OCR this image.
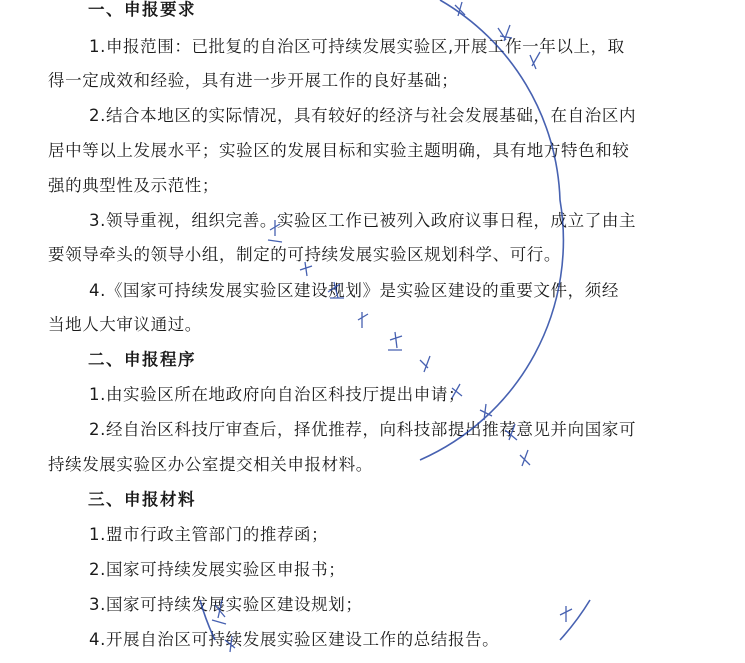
一、申报要求
1.申报范围：已批复的自治区可持续发展实验区,开展工作一年以上，取
得一定成效和经验，具有进一步开展工作的良好基础；
2.结合本地区的实际情况，具有较好的经济与社会发展基础，在自治区内
居中等以上发展水平；实验区的发展目标和实验主题明确，具有地方特色和较
强的典型性及示范性；
3.领导重视，组织完善。实验区工作已被列入政府议事日程，成立了由主
要领导牵头的领导小组，制定的可持续发展实验区规划科学、可行。
4.《国家可持续发展实验区建设规划》是实验区建设的重要文件，须经
当地人大审议通过。
二、申报程序
1.由实验区所在地政府向自治区科技厅提出申请；
2.经自治区科技厅审查后，择优推荐，向科技部提出推荐意见并向国家可
持续发展实验区办公室提交相关申报材料。
三、申报材料
1.盟市行政主管部门的推荐函；
2.国家可持续发展实验区申报书；
3.国家可持续发展实验区建设规划；
4.开展自治区可持续发展实验区建设工作的总结报告。
